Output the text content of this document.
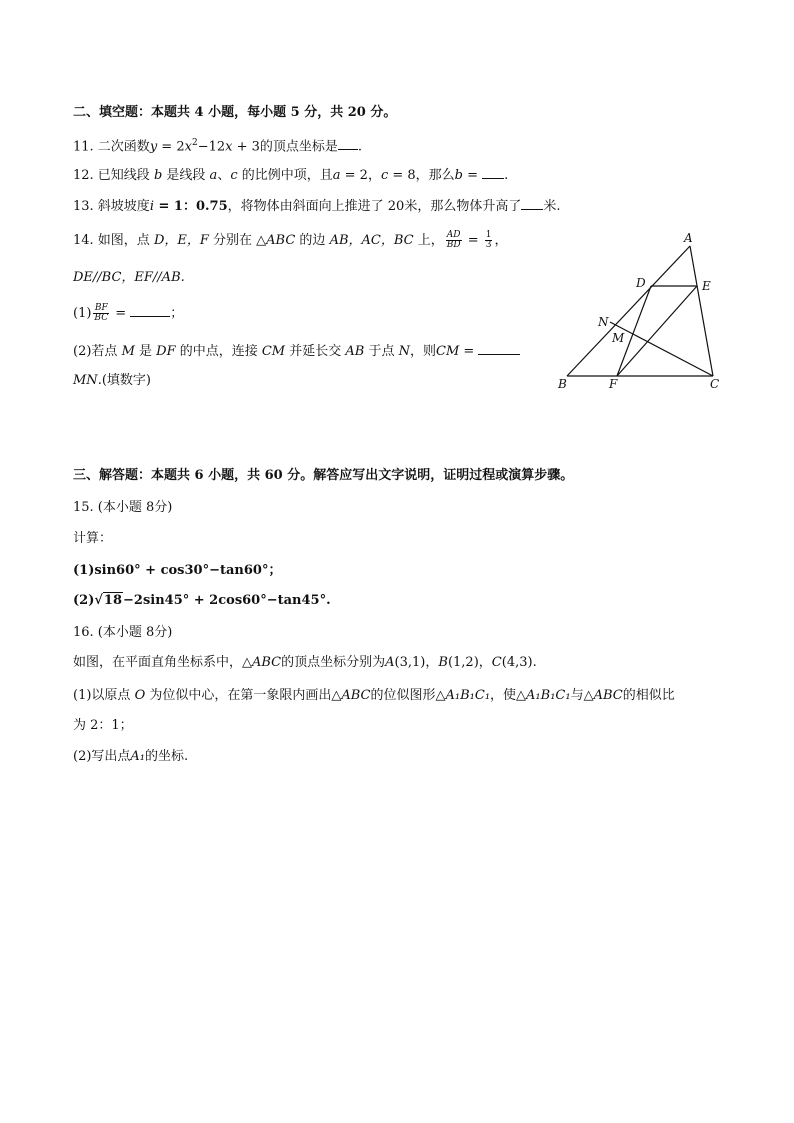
二、填空题：本题共 4 小题，每小题 5 分，共 20 分。
11. 二次函数$y = 2x^2-12x + 3$的顶点坐标是 .
12. 已知线段 b 是线段 a、c 的比例中项，且a = 2，c = 8，那么b = .
13. 斜坡坡度i = 1：0.75，将物体由斜面向上推进了 20米，那么物体升高了 米.
14. 如图，点 D，E，F 分别在 △ABC 的边 AB，AC，BC 上， $\frac{AD}{BD} = \frac{1}{3}$ ，
DE//BC，EF//AB.
$(1) \frac{BF}{BC}$ =	；
(2)若点 M 是 DF 的中点，连接 CM 并延长交 AB 于点 N，则CM =
MN.(填数字)
A
D	E
N
M
B	F	C
三、解答题：本题共 6 小题，共 60 分。解答应写出文字说明，证明过程或演算步骤。
15. (本小题 8分)
计算：
(1)sin60° + cos30°−tan60°；
(2)√18−2sin45° + 2cos60°−tan45°.
16. (本小题 8分)
如图，在平面直角坐标系中，△ABC的顶点坐标分别为A(3,1)，B(1,2)，C(4,3).
(1)以原点 O 为位似中心，在第一象限内画出△ABC的位似图形△A₁B₁C₁，使△A₁B₁C₁与△ABC的相似比
为 2：1；
(2)写出点A₁的坐标.
